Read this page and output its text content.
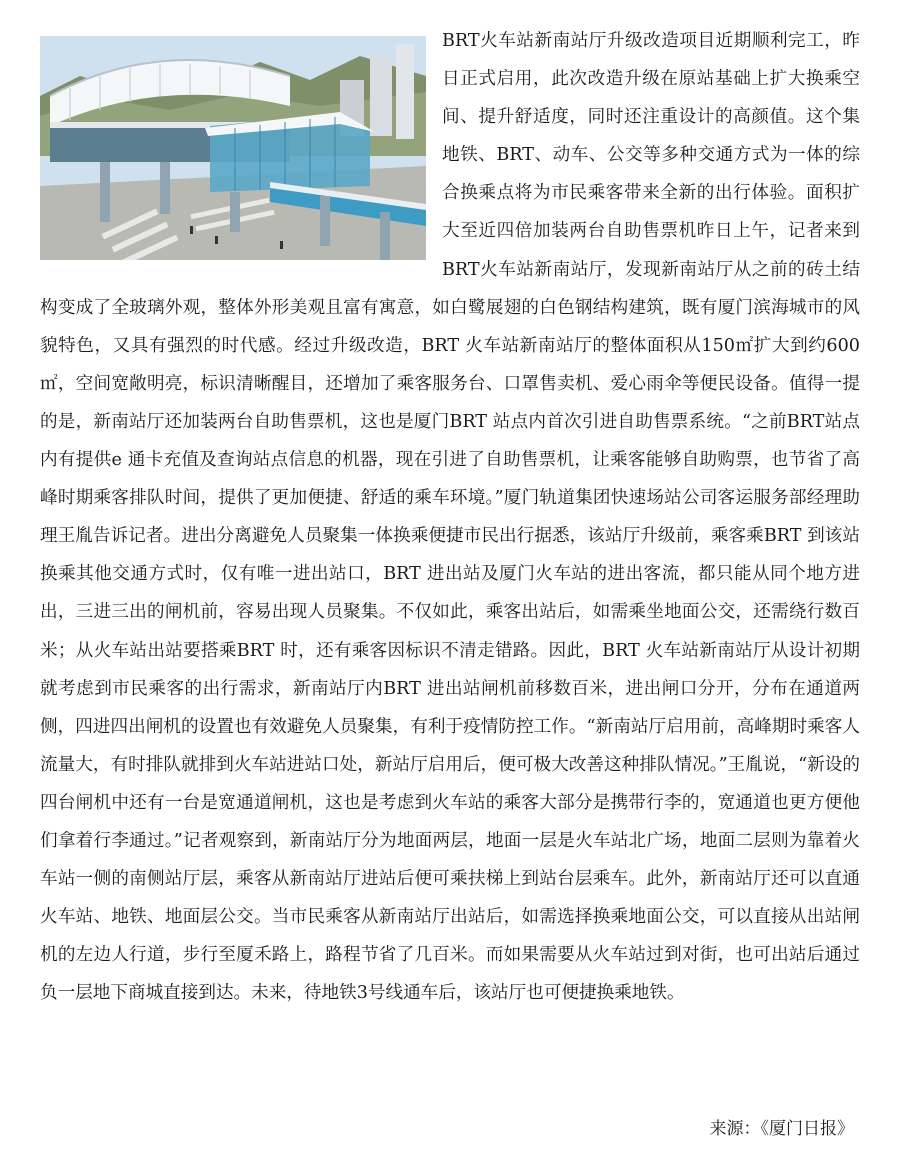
BRT火车站新南站厅升级改造项目近期顺利完工，昨日正式启用，此次改造升级在原站基础上扩大换乘空间、提升舒适度，同时还注重设计的高颜值。这个集地铁、BRT、动车、公交等多种交通方式为一体的综合换乘点将为市民乘客带来全新的出行体验。面积扩大至近四倍加装两台自助售票机昨日上午，记者来到BRT火车站新南站厅，发现新南站厅从之前的砖土结构变成了全玻璃外观，整体外形美观且富有寓意，如白鹭展翅的白色钢结构建筑，既有厦门滨海城市的风貌特色，又具有强烈的时代感。经过升级改造，BRT 火车站新南站厅的整体面积从150㎡扩大到约600㎡，空间宽敞明亮，标识清晰醒目，还增加了乘客服务台、口罩售卖机、爱心雨伞等便民设备。值得一提的是，新南站厅还加装两台自助售票机，这也是厦门BRT 站点内首次引进自助售票系统。“之前BRT站点内有提供e 通卡充值及查询站点信息的机器，现在引进了自助售票机，让乘客能够自助购票，也节省了高峰时期乘客排队时间，提供了更加便捷、舒适的乘车环境。”厦门轨道集团快速场站公司客运服务部经理助理王胤告诉记者。进出分离避免人员聚集一体换乘便捷市民出行据悉，该站厅升级前，乘客乘BRT 到该站换乘其他交通方式时，仅有唯一进出站口，BRT 进出站及厦门火车站的进出客流，都只能从同个地方进出，三进三出的闸机前，容易出现人员聚集。不仅如此，乘客出站后，如需乘坐地面公交，还需绕行数百米；从火车站出站要搭乘BRT 时，还有乘客因标识不清走错路。因此，BRT 火车站新南站厅从设计初期就考虑到市民乘客的出行需求，新南站厅内BRT 进出站闸机前移数百米，进出闸口分开，分布在通道两侧，四进四出闸机的设置也有效避免人员聚集，有利于疫情防控工作。“新南站厅启用前，高峰期时乘客人流量大，有时排队就排到火车站进站口处，新站厅启用后，便可极大改善这种排队情况。”王胤说，“新设的四台闸机中还有一台是宽通道闸机，这也是考虑到火车站的乘客大部分是携带行李的，宽通道也更方便他们拿着行李通过。”记者观察到，新南站厅分为地面两层，地面一层是火车站北广场，地面二层则为靠着火车站一侧的南侧站厅层，乘客从新南站厅进站后便可乘扶梯上到站台层乘车。此外，新南站厅还可以直通火车站、地铁、地面层公交。当市民乘客从新南站厅出站后，如需选择换乘地面公交，可以直接从出站闸机的左边人行道，步行至厦禾路上，路程节省了几百米。而如果需要从火车站过到对街，也可出站后通过负一层地下商城直接到达。未来，待地铁3号线通车后，该站厅也可便捷换乘地铁。

来源：《厦门日报》
